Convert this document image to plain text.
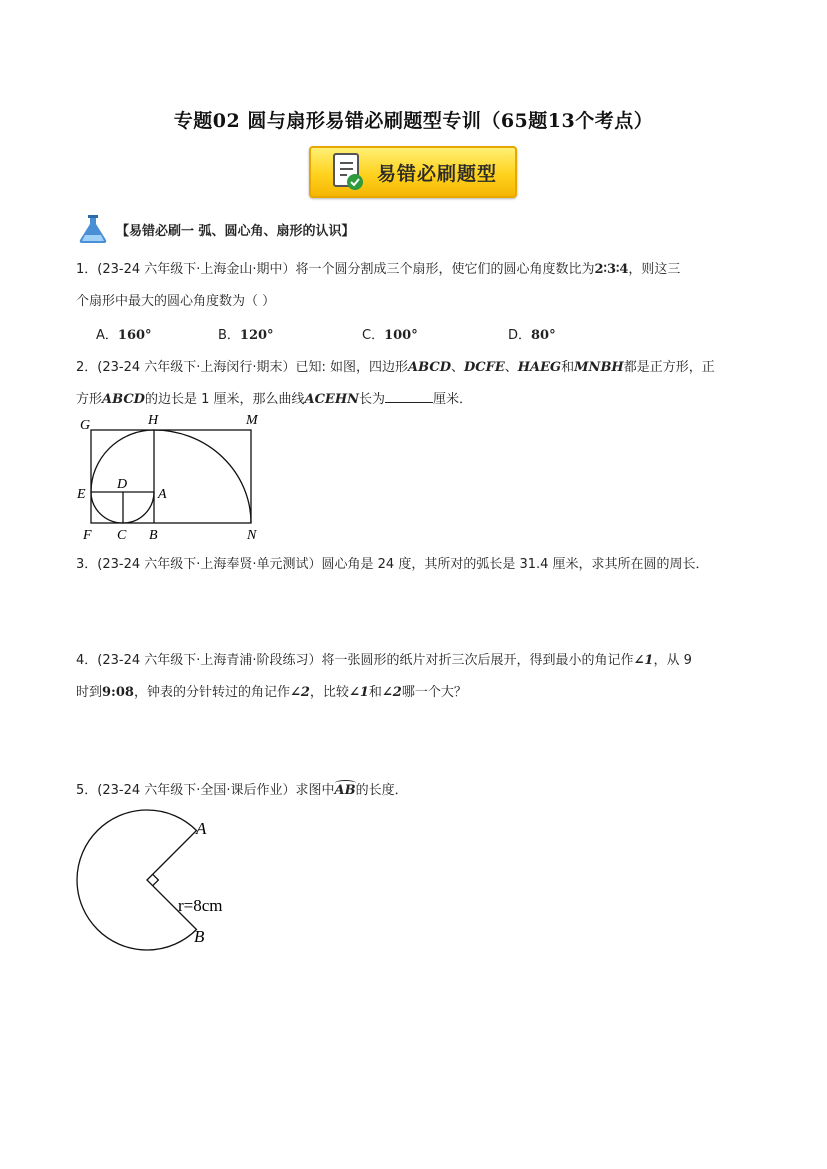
专题02 圆与扇形易错必刷题型专训（65题13个考点）
易错必刷题型
【易错必刷一 弧、圆心角、扇形的认识】
1．(23-24 六年级下·上海金山·期中）将一个圆分割成三个扇形，使它们的圆心角度数比为2∶3∶4，则这三
个扇形中最大的圆心角度数为（ ）
A．160°	B．120°	C．100°	D．80°
2．(23-24 六年级下·上海闵行·期末）已知: 如图，四边形ABCD、DCFE、HAEG和MNBH都是正方形，正
方形ABCD的边长是 1 厘米，那么曲线ACEHN长为	厘米．
G	H	M
E
D
A
F C B	N
3．(23-24 六年级下·上海奉贤·单元测试）圆心角是 24 度，其所对的弧长是 31.4 厘米，求其所在圆的周长．
4．(23-24 六年级下·上海青浦·阶段练习）将一张圆形的纸片对折三次后展开，得到最小的角记作∠1，从 9
时到9:08，钟表的分针转过的角记作∠2，比较∠1和∠2哪一个大？
5．(23-24 六年级下·全国·课后作业）求图中AB的长度．
A
B
r=8cm
